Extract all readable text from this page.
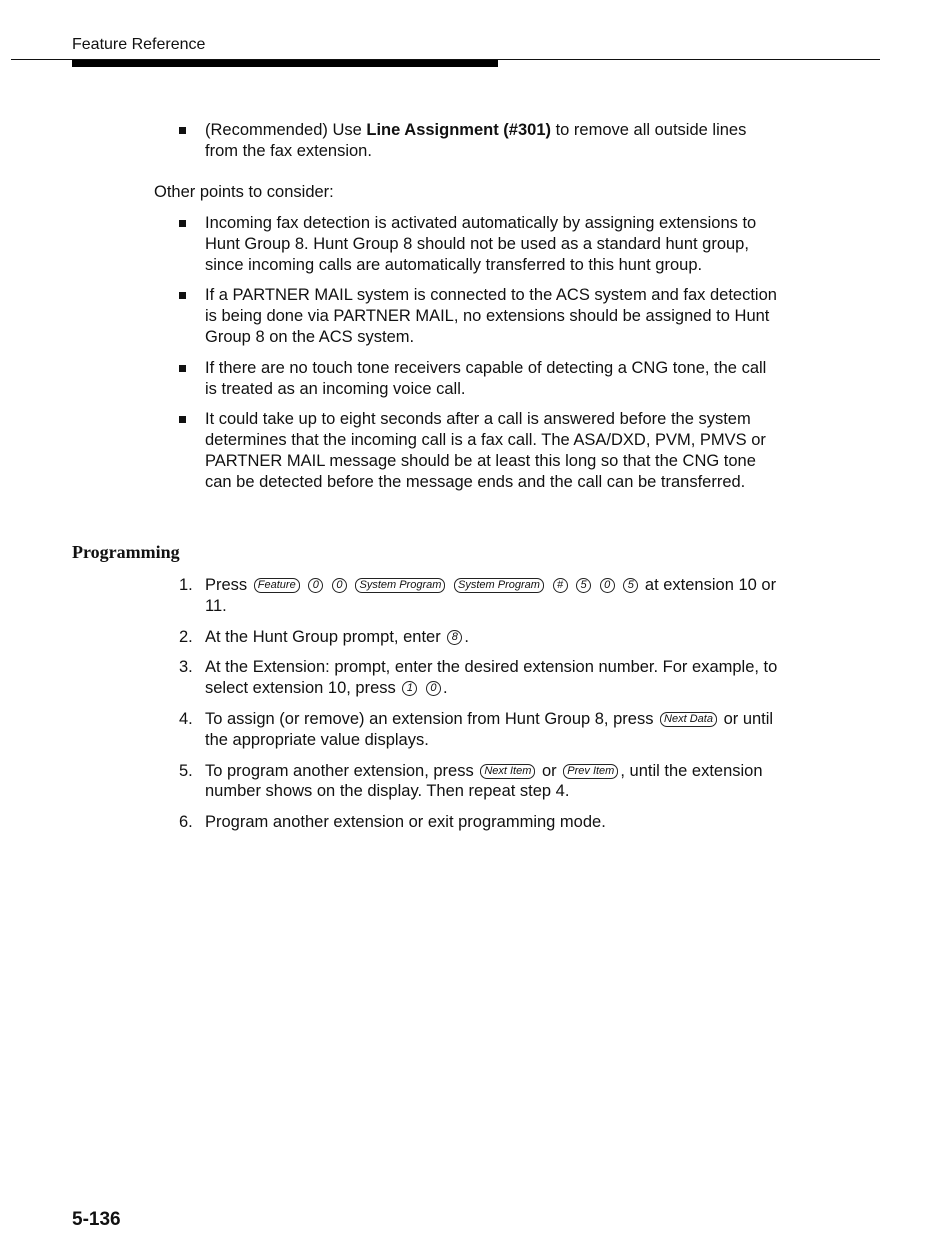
Feature Reference
(Recommended) Use Line Assignment (#301) to remove all outside lines from the fax extension.
Other points to consider:
Incoming fax detection is activated automatically by assigning extensions to Hunt Group 8. Hunt Group 8 should not be used as a standard hunt group, since incoming calls are automatically transferred to this hunt group.
If a PARTNER MAIL system is connected to the ACS system and fax detection is being done via PARTNER MAIL, no extensions should be assigned to Hunt Group 8 on the ACS system.
If there are no touch tone receivers capable of detecting a CNG tone, the call is treated as an incoming voice call.
It could take up to eight seconds after a call is answered before the system determines that the incoming call is a fax call. The ASA/DXD, PVM, PMVS or PARTNER MAIL message should be at least this long so that the CNG tone can be detected before the message ends and the call can be transferred.
Programming
1. Press Feature 0 0 System Program System Program # 5 0 5 at extension 10 or 11.
2. At the Hunt Group prompt, enter 8 .
3. At the Extension: prompt, enter the desired extension number. For example, to select extension 10, press 1 0 .
4. To assign (or remove) an extension from Hunt Group 8, press Next Data or until the appropriate value displays.
5. To program another extension, press Next Item or Prev Item , until the extension number shows on the display. Then repeat step 4.
6. Program another extension or exit programming mode.
5-136
